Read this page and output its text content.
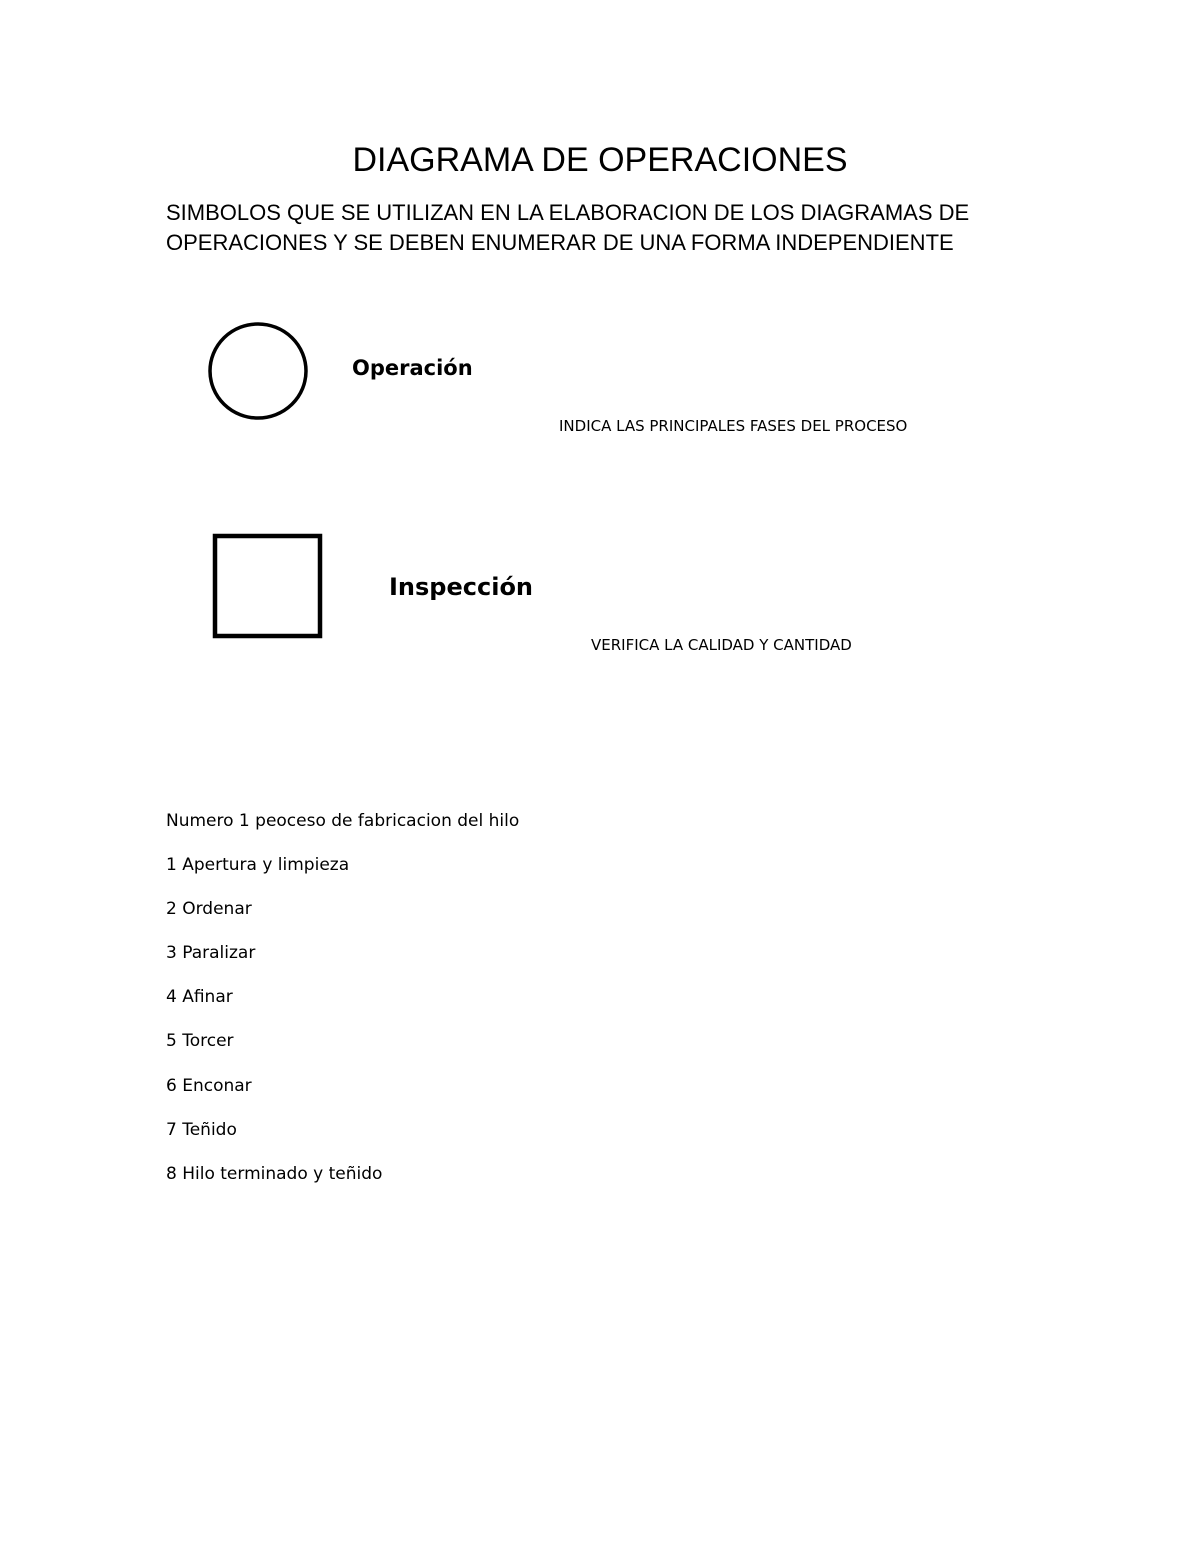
DIAGRAMA DE OPERACIONES

SIMBOLOS QUE SE UTILIZAN EN LA ELABORACION DE LOS DIAGRAMAS DE OPERACIONES Y SE DEBEN ENUMERAR DE UNA FORMA INDEPENDIENTE

Operación

INDICA LAS PRINCIPALES FASES DEL PROCESO

Inspección

VERIFICA LA CALIDAD Y CANTIDAD

Numero 1 peoceso de fabricacion del hilo
1 Apertura y limpieza
2 Ordenar
3 Paralizar
4 Afinar
5 Torcer
6 Enconar
7 Teñido
8 Hilo terminado y teñido
